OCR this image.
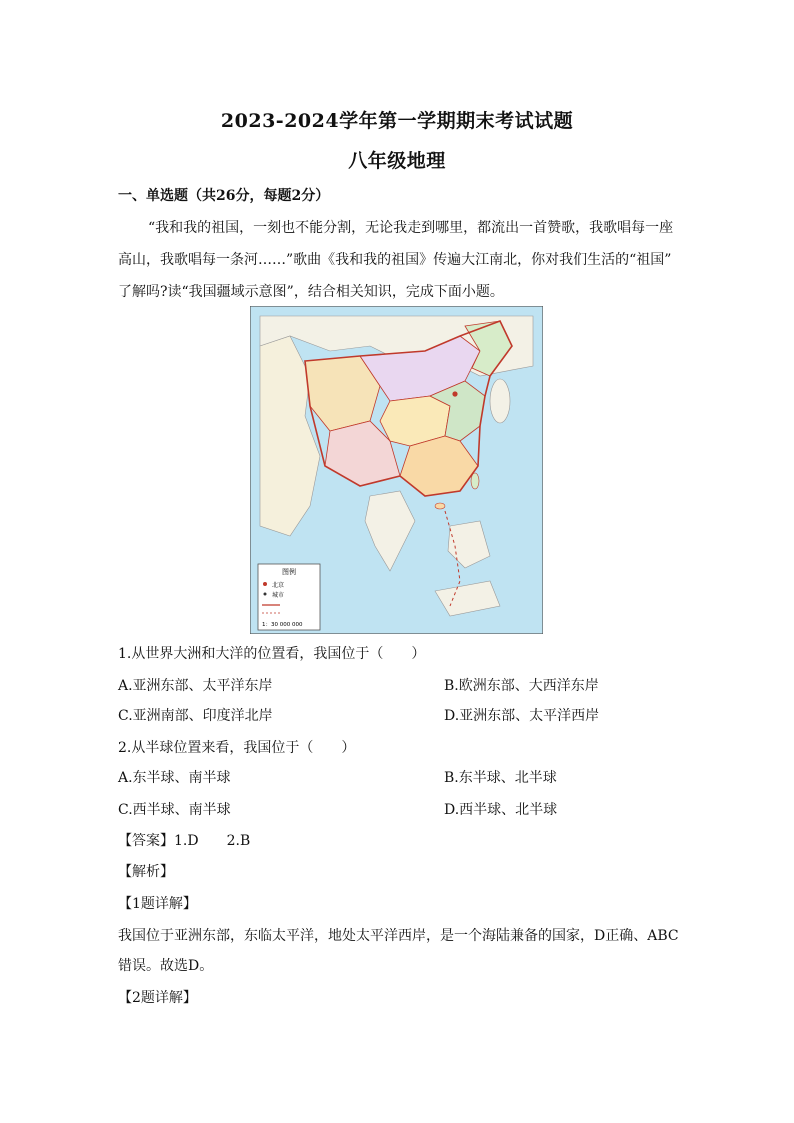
2023-2024学年第一学期期末考试试题
八年级地理
一、单选题（共26分，每题2分）
“我和我的祖国，一刻也不能分割，无论我走到哪里，都流出一首赞歌，我歌唱每一座
高山，我歌唱每一条河……”歌曲《我和我的祖国》传遍大江南北，你对我们生活的“祖国”
了解吗?读“我国疆域示意图”，结合相关知识，完成下面小题。
图例
北京
城市
1：30 000 000
1.从世界大洲和大洋的位置看，我国位于（　　）
A.亚洲东部、太平洋东岸	B.欧洲东部、大西洋东岸
C.亚洲南部、印度洋北岸	D.亚洲东部、太平洋西岸
2.从半球位置来看，我国位于（　　）
A.东半球、南半球	B.东半球、北半球
C.西半球、南半球	D.西半球、北半球
【答案】1.D　　2.B
【解析】
【1题详解】
我国位于亚洲东部，东临太平洋，地处太平洋西岸，是一个海陆兼备的国家，D正确、ABC
错误。故选D。
【2题详解】
